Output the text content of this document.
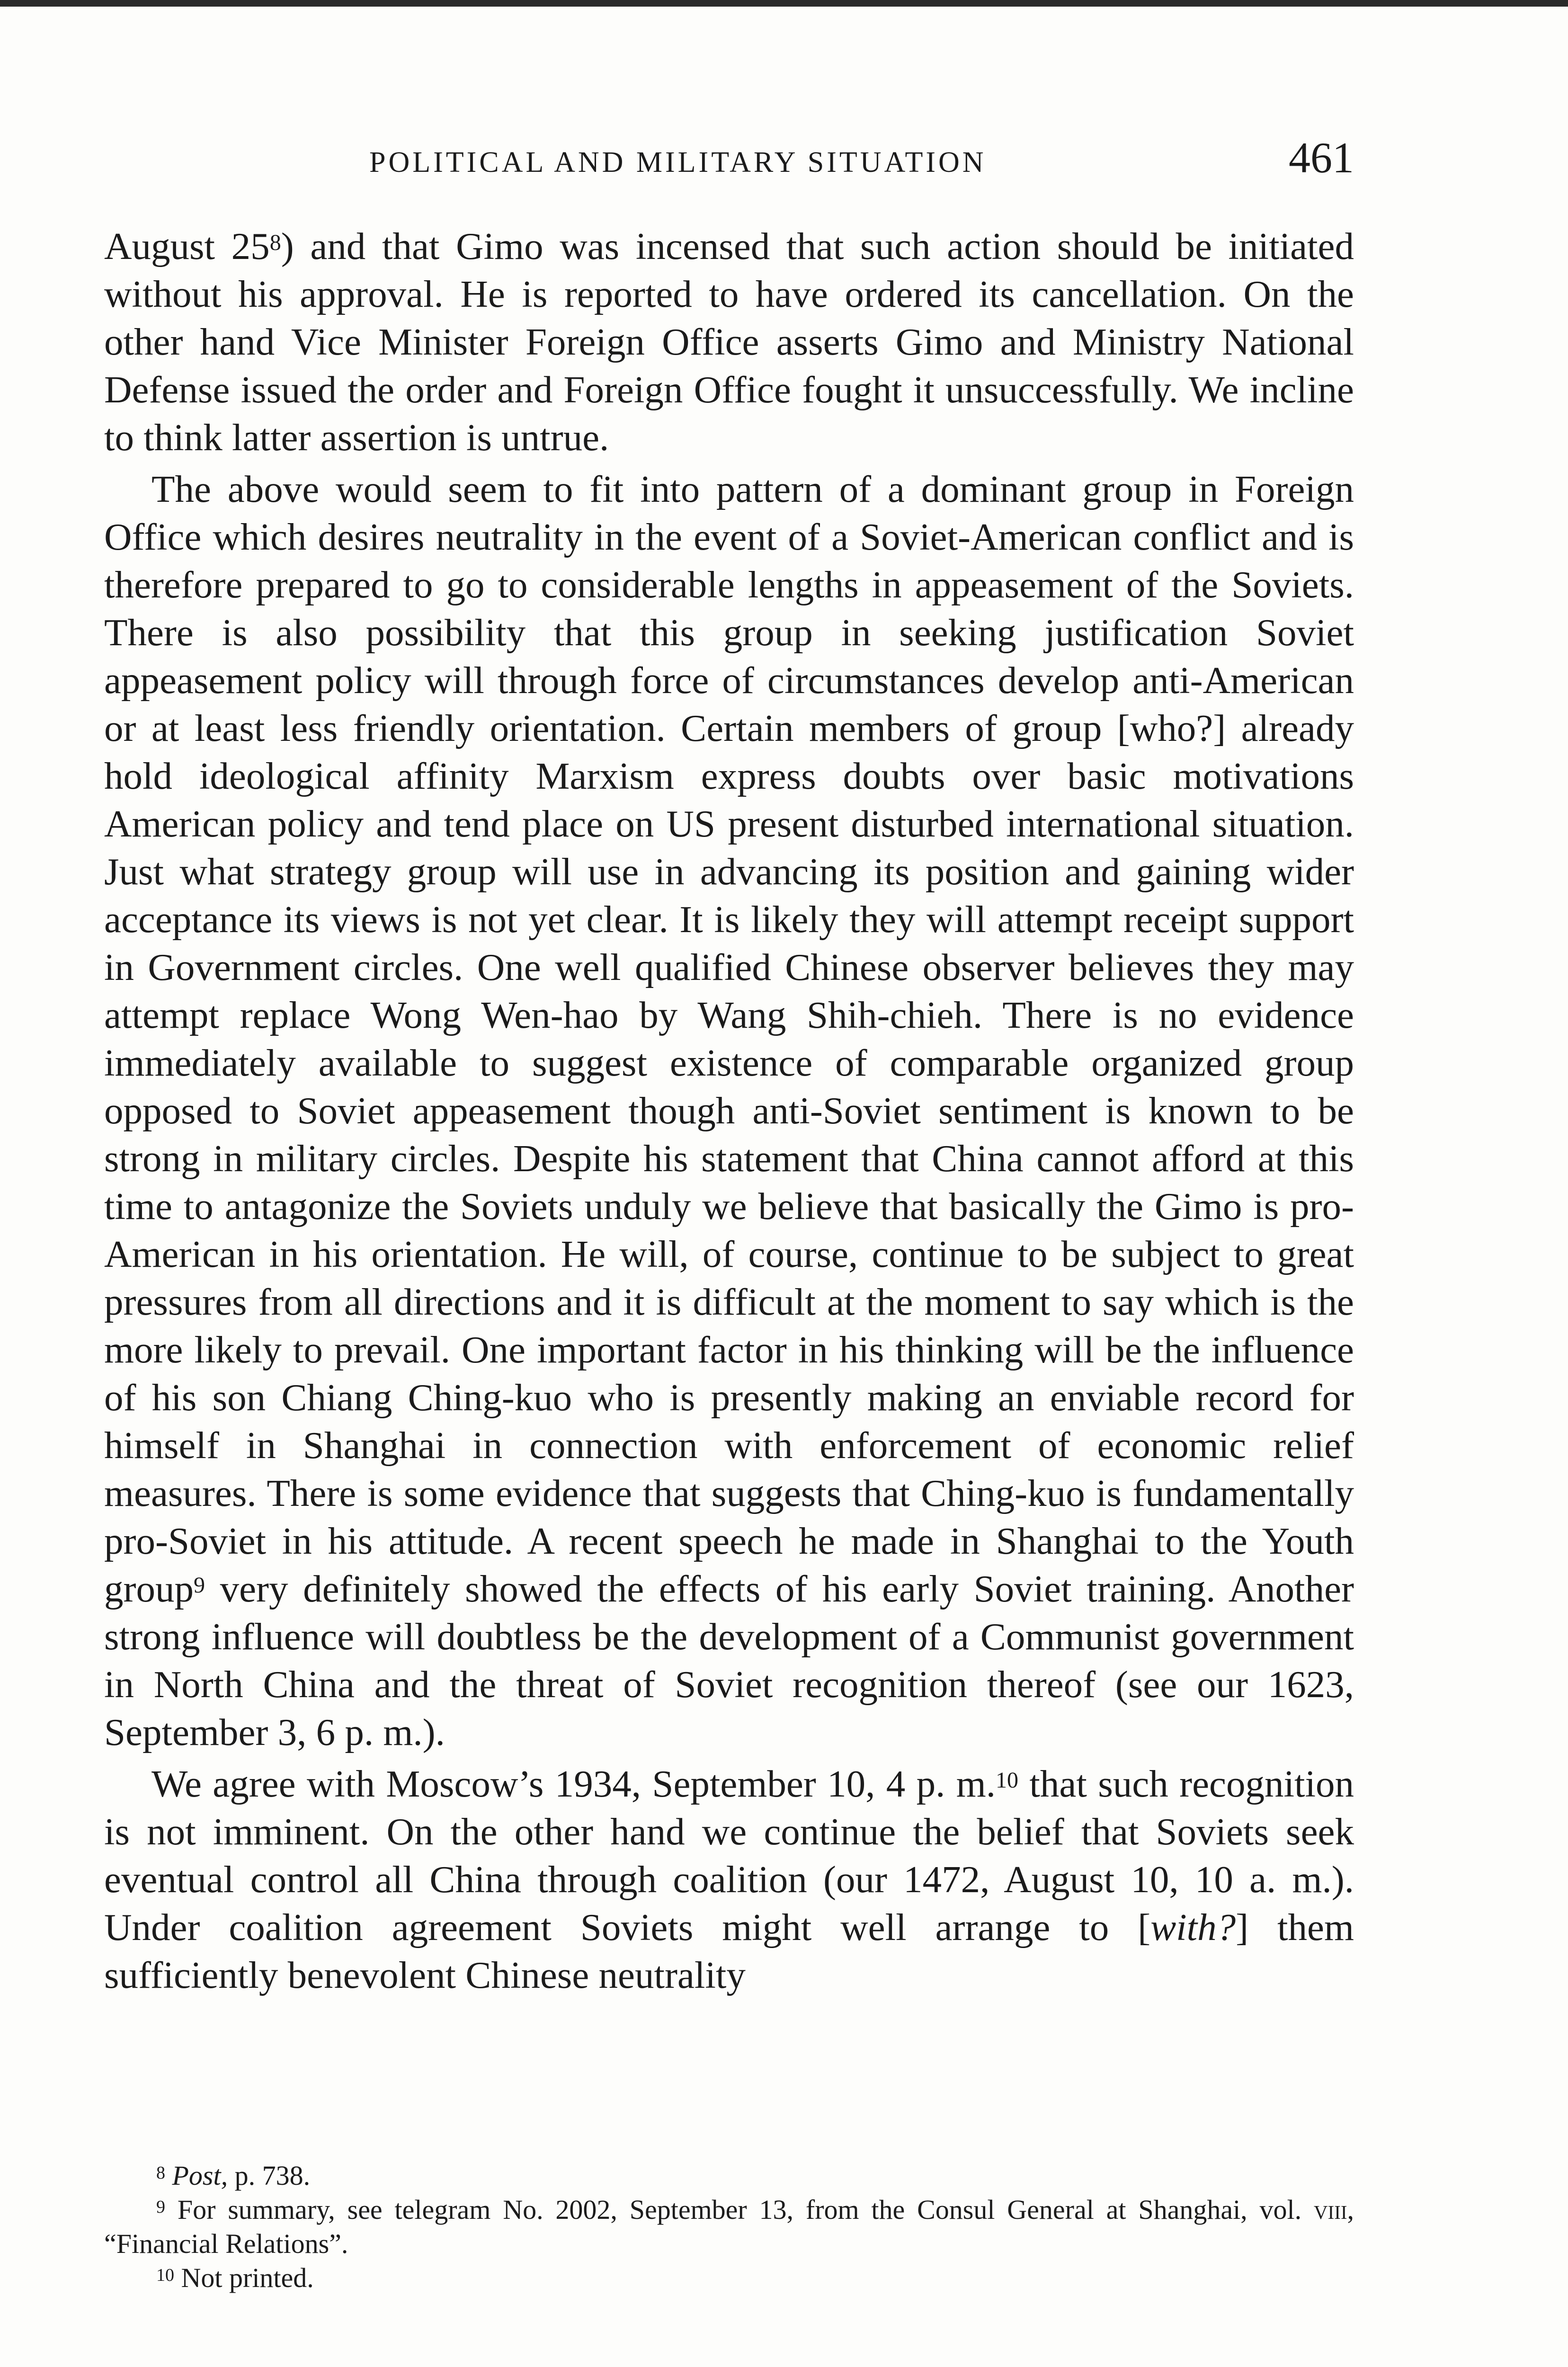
POLITICAL AND MILITARY SITUATION	461

August 25$^8$) and that Gimo was incensed that such action should be initiated without his approval. He is reported to have ordered its cancellation. On the other hand Vice Minister Foreign Office asserts Gimo and Ministry National Defense issued the order and Foreign Office fought it unsuccessfully. We incline to think latter assertion is untrue.

The above would seem to fit into pattern of a dominant group in Foreign Office which desires neutrality in the event of a Soviet-American conflict and is therefore prepared to go to considerable lengths in appeasement of the Soviets. There is also possibility that this group in seeking justification Soviet appeasement policy will through force of circumstances develop anti-American or at least less friendly orientation. Certain members of group [who?] already hold ideological affinity Marxism express doubts over basic motivations American policy and tend place on US present disturbed international situation. Just what strategy group will use in advancing its position and gaining wider acceptance its views is not yet clear. It is likely they will attempt receipt support in Government circles. One well qualified Chinese observer believes they may attempt replace Wong Wen-hao by Wang Shih-chieh. There is no evidence immediately available to suggest existence of comparable organized group opposed to Soviet appeasement though anti-Soviet sentiment is known to be strong in military circles. Despite his statement that China cannot afford at this time to antagonize the Soviets unduly we believe that basically the Gimo is pro-American in his orientation. He will, of course, continue to be subject to great pressures from all directions and it is difficult at the moment to say which is the more likely to prevail. One important factor in his thinking will be the influence of his son Chiang Ching-kuo who is presently making an enviable record for himself in Shanghai in connection with enforcement of economic relief measures. There is some evidence that suggests that Ching-kuo is fundamentally pro-Soviet in his attitude. A recent speech he made in Shanghai to the Youth group$^9$ very definitely showed the effects of his early Soviet training. Another strong influence will doubtless be the development of a Communist government in North China and the threat of Soviet recognition thereof (see our 1623, September 3, 6 p. m.).

We agree with Moscow’s 1934, September 10, 4 p. m.$^{10}$ that such recognition is not imminent. On the other hand we continue the belief that Soviets seek eventual control all China through coalition (our 1472, August 10, 10 a. m.). Under coalition agreement Soviets might well arrange to [with?] them sufficiently benevolent Chinese neutrality

$^8$ Post, p. 738.
$^9$ For summary, see telegram No. 2002, September 13, from the Consul General at Shanghai, vol. viii, “Financial Relations”.
$^{10}$ Not printed.
